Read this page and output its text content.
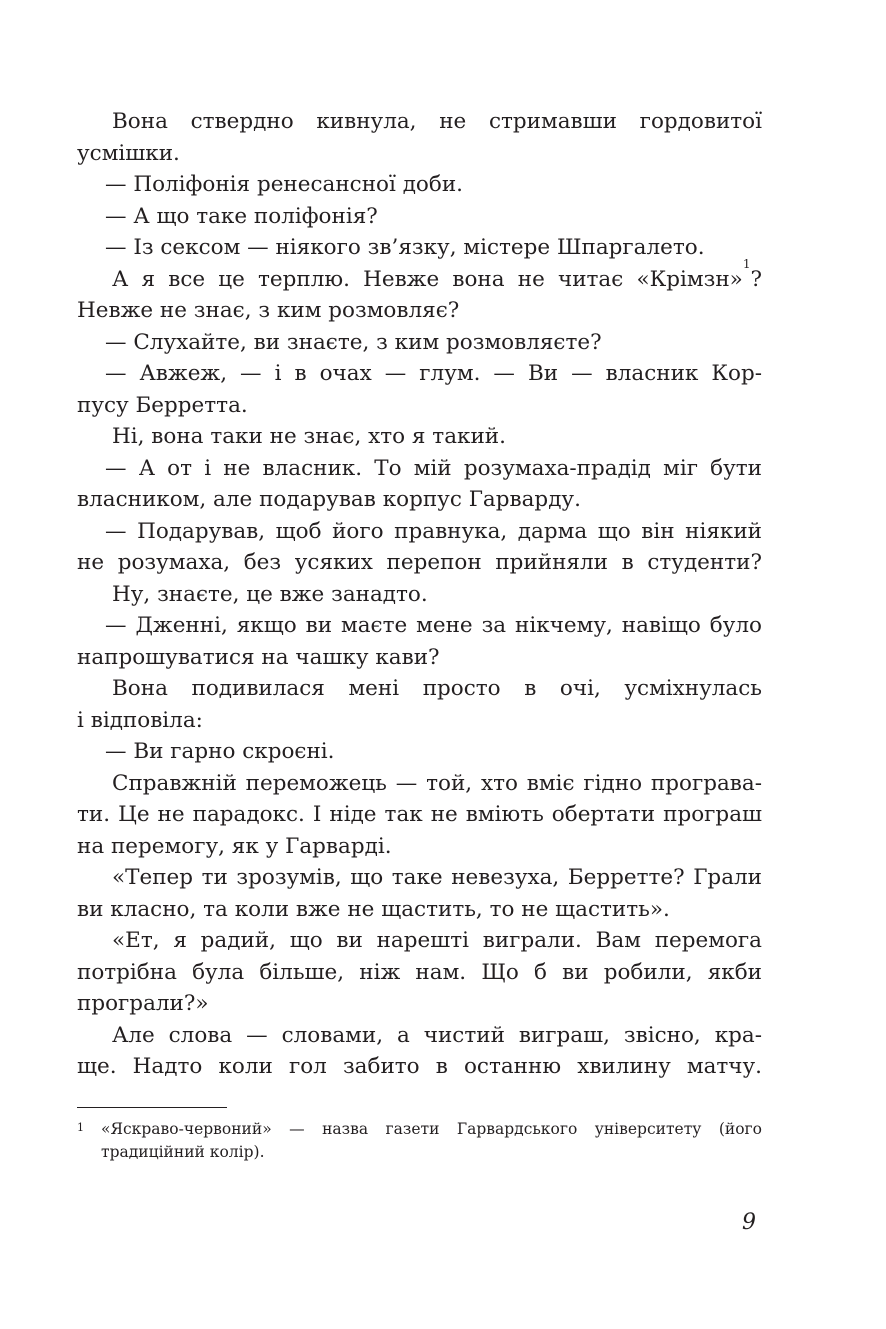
Вона ствердно кивнула, не стримавши гордовитої
усмішки.
— Поліфонія ренесансної доби.
— А що таке поліфонія?
— Із сексом — ніякого зв’язку, містере Шпаргалето.
А я все це терплю. Невже вона не читає «Крімзн»
1
?
Невже не знає, з ким розмовляє?
— Слухайте, ви знаєте, з ким розмовляєте?
— Авжеж, — і в очах — глум. — Ви — власник Кор-
пусу Берретта.
Ні, вона таки не знає, хто я такий.
— А от і не власник. То мій розумаха-прадід міг бути
власником, але подарував корпус Гарварду.
— Подарував, щоб його правнука, дарма що він ніякий
не розумаха, без усяких перепон прийняли в студенти?
Ну, знаєте, це вже занадто.
— Дженні, якщо ви маєте мене за нікчему, навіщо було
напрошуватися на чашку кави?
Вона подивилася мені просто в очі, усміхнулась
і відповіла:
— Ви гарно скроєні.
Справжній переможець — той, хто вміє гідно програва-
ти. Це не парадокс. І ніде так не вміють обертати програш
на перемогу, як у Гарварді.
«Тепер ти зрозумів, що таке невезуха, Берретте? Грали
ви класно, та коли вже не щастить, то не щастить».
«Ет, я радий, що ви нарешті виграли. Вам перемога
потрібна була більше, ніж нам. Що б ви робили, якби
програли?»
Але слова — словами, а чистий виграш, звісно, кра-
ще. Надто коли гол забито в останню хвилину матчу.
1	«Яскраво-червоний» — назва газети Гарвардського університету (його
традиційний колір).
9
